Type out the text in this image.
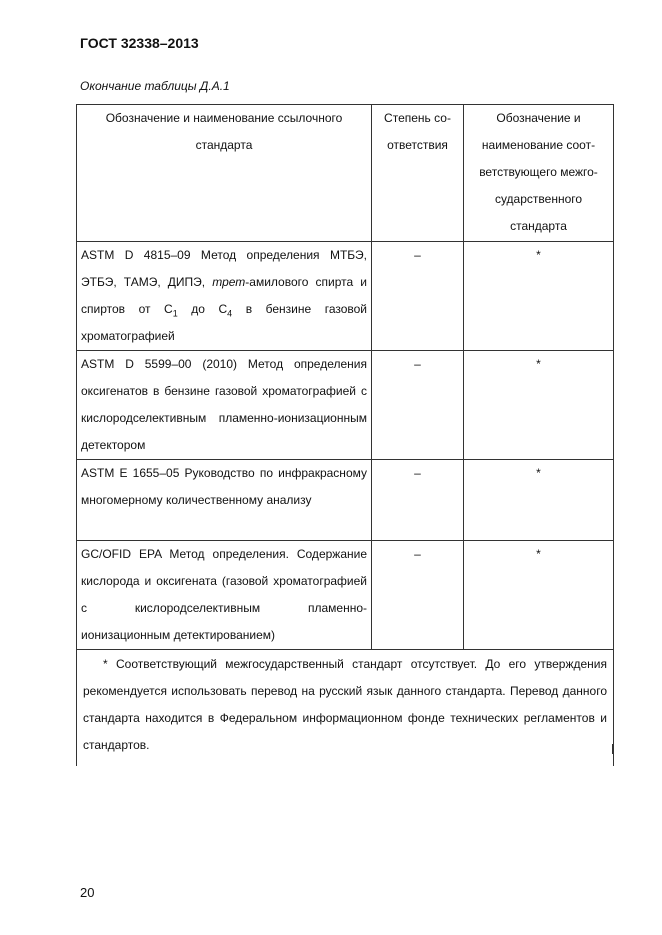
ГОСТ 32338–2013
Окончание таблицы Д.А.1
Обозначение и наименование ссылочного стандарта	Степень со-ответствия	Обозначение и наименование соот-ветствующего межго-сударственного стандарта
ASTM D 4815–09 Метод определения МТБЭ, ЭТБЭ, ТАМЭ, ДИПЭ, трет-амилового спирта и спиртов от $С_1$ до $С_4$ в бензине газовой хроматографией	–	*
ASTM D 5599–00 (2010) Метод определения оксигенатов в бензине газовой хроматографией с кислородселективным пламенно-ионизационным детектором	–	*
ASTM E 1655–05 Руководство по инфракрасному многомерному количественному анализу	–	*
GC/OFID EPA Метод определения. Содержание кислорода и оксигената (газовой хроматографией с кислородселективным пламенно-ионизационным детектированием)	–	*

* Соответствующий межгосударственный стандарт отсутствует. До его утверждения рекомендуется использовать перевод на русский язык данного стандарта. Перевод данного стандарта находится в Федеральном информационном фонде технических регламентов и стандартов.		
20
